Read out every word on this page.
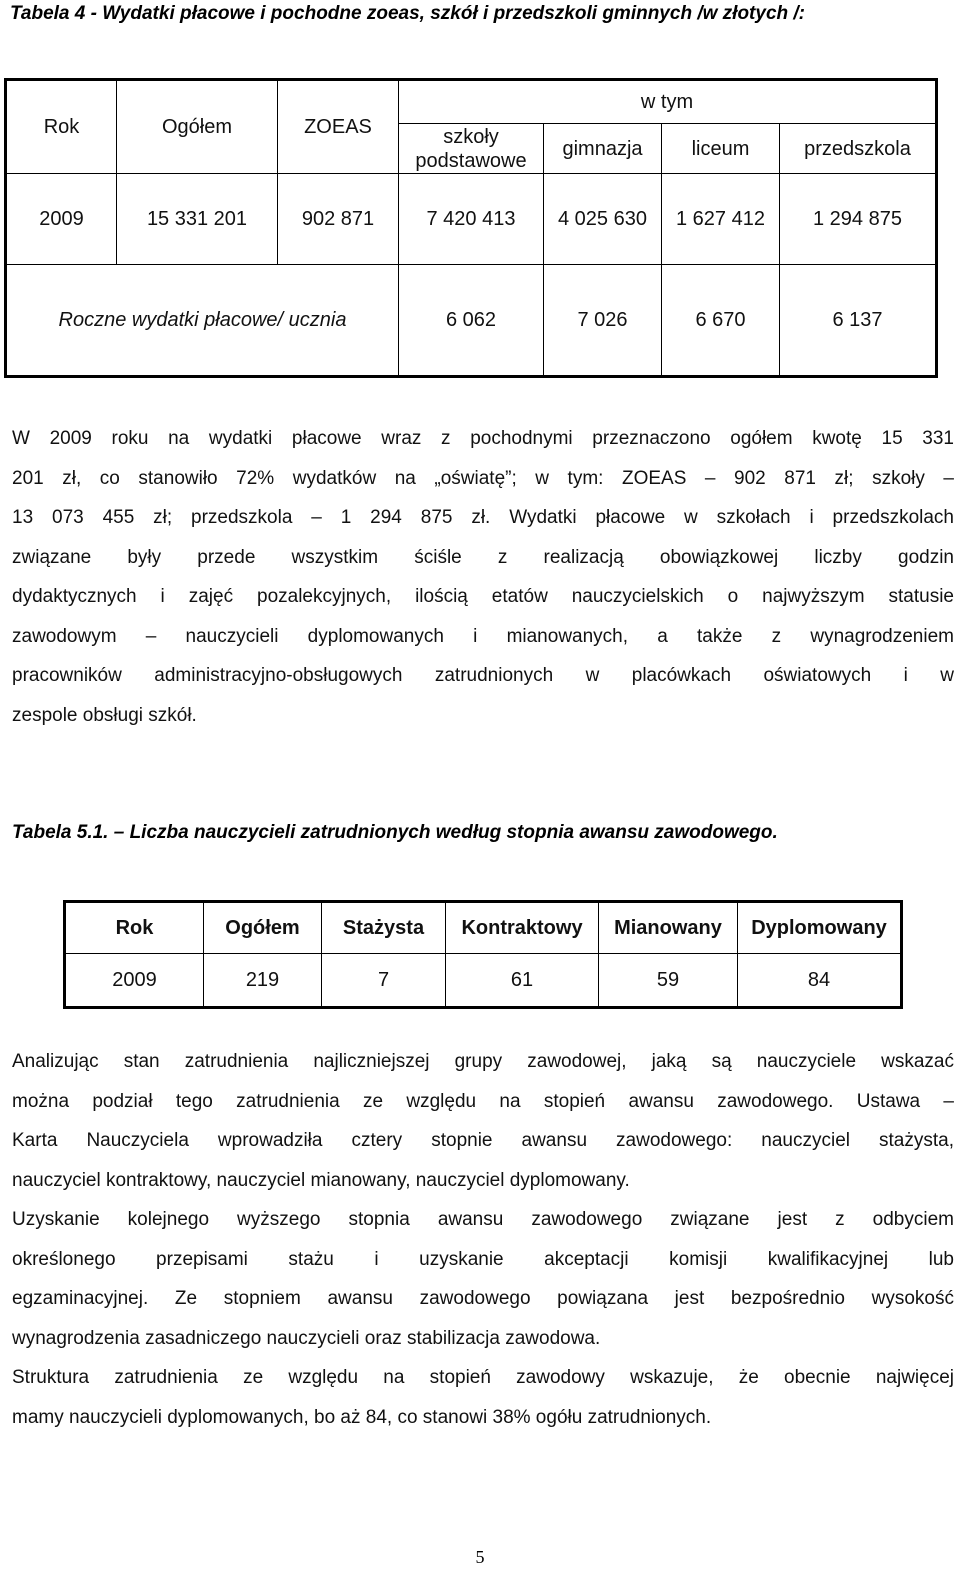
Tabela 4 - Wydatki płacowe i pochodne zoeas, szkół i przedszkoli gminnych /w złotych /:
Rok	Ogółem	ZOEAS	w tym			
			szkoły podstawowe	gimnazja	liceum	przedszkola
2009	15 331 201	902 871	7 420 413	4 025 630	1 627 412	1 294 875
Roczne wydatki płacowe/ ucznia			6 062	7 026	6 670	6 137
W 2009 roku na wydatki płacowe wraz z pochodnymi przeznaczono ogółem kwotę 15 331
201 zł, co stanowiło 72% wydatków na „oświatę”; w tym: ZOEAS – 902 871 zł; szkoły –
13 073 455 zł; przedszkola – 1 294 875 zł. Wydatki płacowe w szkołach i przedszkolach
związane były przede wszystkim ściśle z realizacją obowiązkowej liczby godzin
dydaktycznych i zajęć pozalekcyjnych, ilością etatów nauczycielskich o najwyższym statusie
zawodowym – nauczycieli dyplomowanych i mianowanych, a także z wynagrodzeniem
pracowników administracyjno-obsługowych zatrudnionych w placówkach oświatowych i w
zespole obsługi szkół.
Tabela 5.1. – Liczba nauczycieli zatrudnionych według stopnia awansu zawodowego.
Rok	Ogółem	Stażysta	Kontraktowy	Mianowany	Dyplomowany
2009	219	7	61	59	84
Analizując stan zatrudnienia najliczniejszej grupy zawodowej, jaką są nauczyciele wskazać
można podział tego zatrudnienia ze względu na stopień awansu zawodowego. Ustawa –
Karta Nauczyciela wprowadziła cztery stopnie awansu zawodowego: nauczyciel stażysta,
nauczyciel kontraktowy, nauczyciel mianowany, nauczyciel dyplomowany.
Uzyskanie kolejnego wyższego stopnia awansu zawodowego związane jest z odbyciem
określonego przepisami stażu i uzyskanie akceptacji komisji kwalifikacyjnej lub
egzaminacyjnej. Ze stopniem awansu zawodowego powiązana jest bezpośrednio wysokość
wynagrodzenia zasadniczego nauczycieli oraz stabilizacja zawodowa.
Struktura zatrudnienia ze względu na stopień zawodowy wskazuje, że obecnie najwięcej
mamy nauczycieli dyplomowanych, bo aż 84, co stanowi 38% ogółu zatrudnionych.
5
